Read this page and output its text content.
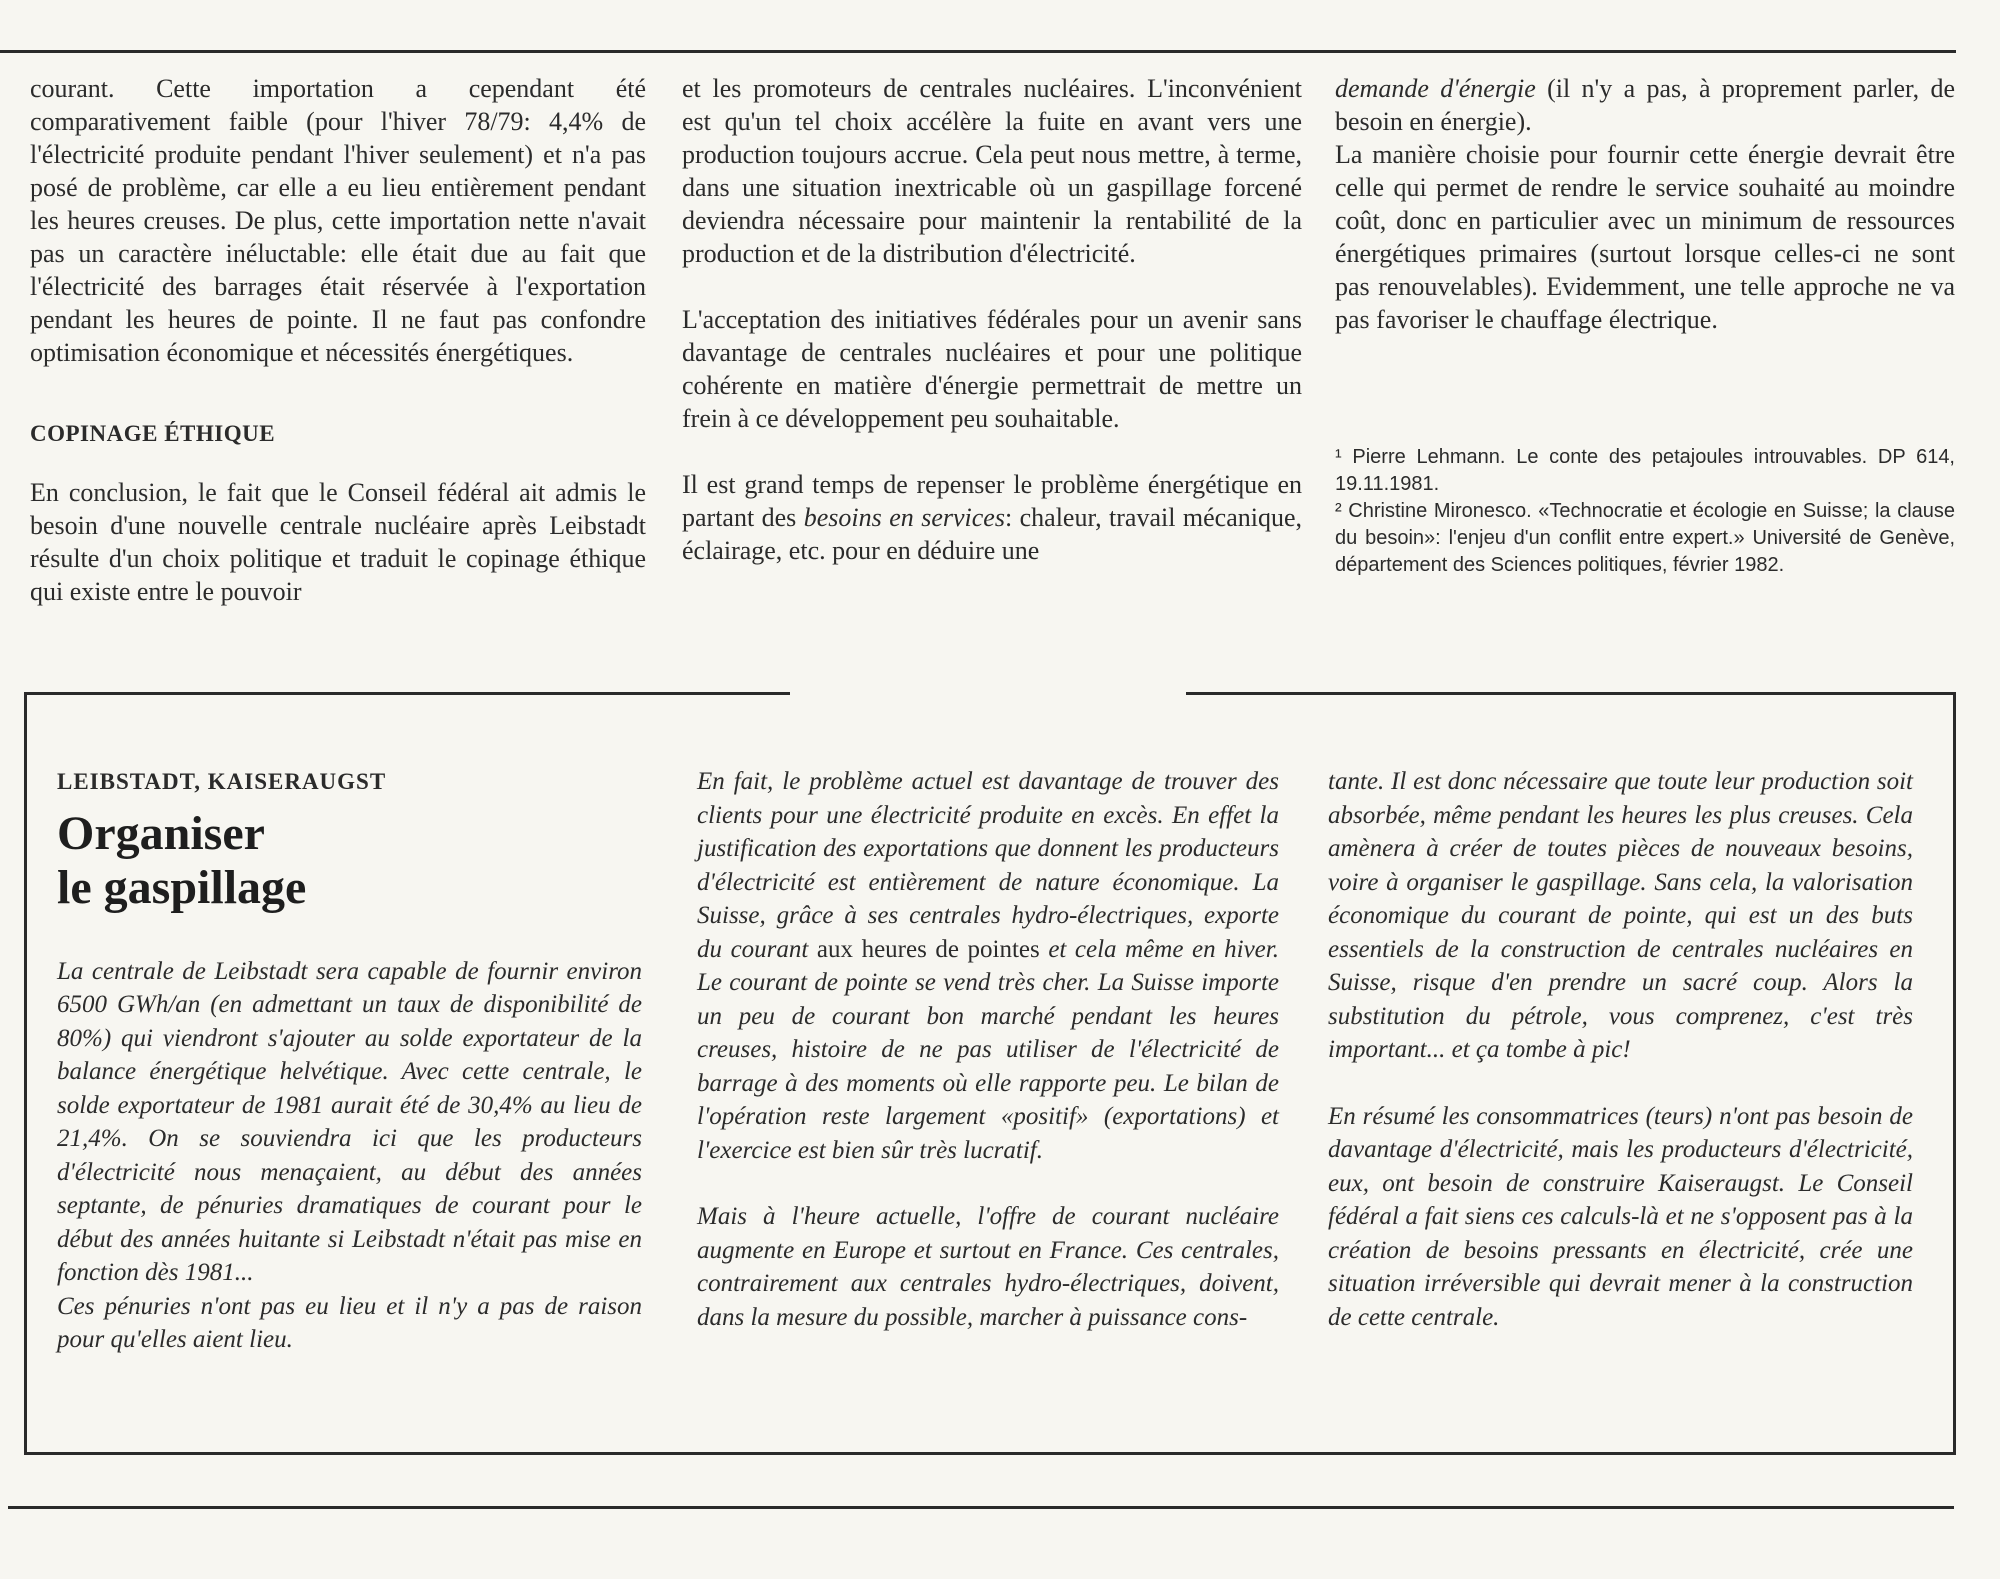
courant. Cette importation a cependant été comparativement faible (pour l'hiver 78/79: 4,4% de l'électricité produite pendant l'hiver seulement) et n'a pas posé de problème, car elle a eu lieu entièrement pendant les heures creuses. De plus, cette importation nette n'avait pas un caractère inéluctable: elle était due au fait que l'électricité des barrages était réservée à l'exportation pendant les heures de pointe. Il ne faut pas confondre optimisation économique et nécessités énergétiques.

COPINAGE ÉTHIQUE

En conclusion, le fait que le Conseil fédéral ait admis le besoin d'une nouvelle centrale nucléaire après Leibstadt résulte d'un choix politique et traduit le copinage éthique qui existe entre le pouvoir

et les promoteurs de centrales nucléaires. L'inconvénient est qu'un tel choix accélère la fuite en avant vers une production toujours accrue. Cela peut nous mettre, à terme, dans une situation inextricable où un gaspillage forcené deviendra nécessaire pour maintenir la rentabilité de la production et de la distribution d'électricité.

L'acceptation des initiatives fédérales pour un avenir sans davantage de centrales nucléaires et pour une politique cohérente en matière d'énergie permettrait de mettre un frein à ce développement peu souhaitable.

Il est grand temps de repenser le problème énergétique en partant des besoins en services: chaleur, travail mécanique, éclairage, etc. pour en déduire une

demande d'énergie (il n'y a pas, à proprement parler, de besoin en énergie).

La manière choisie pour fournir cette énergie devrait être celle qui permet de rendre le service souhaité au moindre coût, donc en particulier avec un minimum de ressources énergétiques primaires (surtout lorsque celles-ci ne sont pas renouvelables). Evidemment, une telle approche ne va pas favoriser le chauffage électrique.

¹ Pierre Lehmann. Le conte des petajoules introuvables. DP 614, 19.11.1981.

² Christine Mironesco. «Technocratie et écologie en Suisse; la clause du besoin»: l'enjeu d'un conflit entre expert.» Université de Genève, département des Sciences politiques, février 1982.

LEIBSTADT, KAISERAUGST
Organiser
le gaspillage

La centrale de Leibstadt sera capable de fournir environ 6500 GWh/an (en admettant un taux de disponibilité de 80%) qui viendront s'ajouter au solde exportateur de la balance énergétique helvétique. Avec cette centrale, le solde exportateur de 1981 aurait été de 30,4% au lieu de 21,4%. On se souviendra ici que les producteurs d'électricité nous menaçaient, au début des années septante, de pénuries dramatiques de courant pour le début des années huitante si Leibstadt n'était pas mise en fonction dès 1981...

Ces pénuries n'ont pas eu lieu et il n'y a pas de raison pour qu'elles aient lieu.

En fait, le problème actuel est davantage de trouver des clients pour une électricité produite en excès. En effet la justification des exportations que donnent les producteurs d'électricité est entièrement de nature économique. La Suisse, grâce à ses centrales hydro-électriques, exporte du courant aux heures de pointes et cela même en hiver. Le courant de pointe se vend très cher. La Suisse importe un peu de courant bon marché pendant les heures creuses, histoire de ne pas utiliser de l'électricité de barrage à des moments où elle rapporte peu. Le bilan de l'opération reste largement «positif» (exportations) et l'exercice est bien sûr très lucratif.

Mais à l'heure actuelle, l'offre de courant nucléaire augmente en Europe et surtout en France. Ces centrales, contrairement aux centrales hydro-électriques, doivent, dans la mesure du possible, marcher à puissance cons-

tante. Il est donc nécessaire que toute leur production soit absorbée, même pendant les heures les plus creuses. Cela amènera à créer de toutes pièces de nouveaux besoins, voire à organiser le gaspillage. Sans cela, la valorisation économique du courant de pointe, qui est un des buts essentiels de la construction de centrales nucléaires en Suisse, risque d'en prendre un sacré coup. Alors la substitution du pétrole, vous comprenez, c'est très important... et ça tombe à pic!

En résumé les consommatrices (teurs) n'ont pas besoin de davantage d'électricité, mais les producteurs d'électricité, eux, ont besoin de construire Kaiseraugst. Le Conseil fédéral a fait siens ces calculs-là et ne s'opposent pas à la création de besoins pressants en électricité, crée une situation irréversible qui devrait mener à la construction de cette centrale.
